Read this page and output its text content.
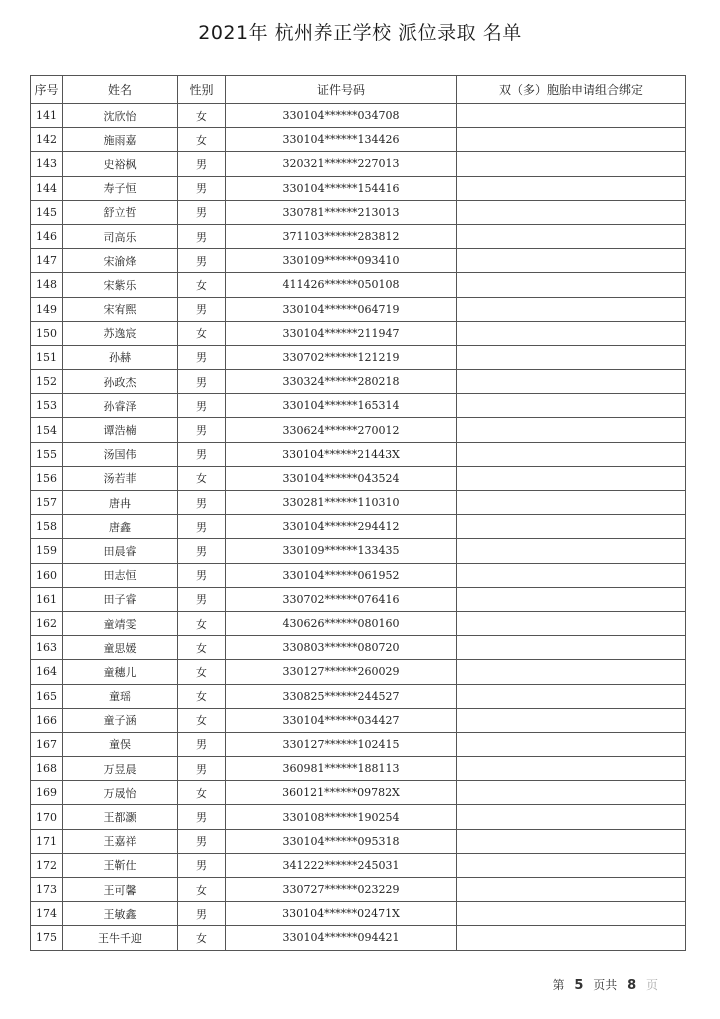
2021年 杭州养正学校 派位录取 名单
序号	姓名	性别	证件号码	双（多）胞胎申请组合绑定
141	沈欣怡	女	330104******034708	
142	施雨嘉	女	330104******134426	
143	史裕枫	男	320321******227013	
144	寿子恒	男	330104******154416	
145	舒立哲	男	330781******213013	
146	司高乐	男	371103******283812	
147	宋渝烽	男	330109******093410	
148	宋紫乐	女	411426******050108	
149	宋宥熙	男	330104******064719	
150	苏逸宸	女	330104******211947	
151	孙赫	男	330702******121219	
152	孙政杰	男	330324******280218	
153	孙睿泽	男	330104******165314	
154	谭浩楠	男	330624******270012	
155	汤国伟	男	330104******21443X	
156	汤若菲	女	330104******043524	
157	唐冉	男	330281******110310	
158	唐鑫	男	330104******294412	
159	田晨睿	男	330109******133435	
160	田志恒	男	330104******061952	
161	田子睿	男	330702******076416	
162	童靖雯	女	430626******080160	
163	童思媛	女	330803******080720	
164	童穗儿	女	330127******260029	
165	童瑶	女	330825******244527	
166	童子涵	女	330104******034427	
167	童俣	男	330127******102415	
168	万昱晨	男	360981******188113	
169	万晟怡	女	360121******09782X	
170	王都灏	男	330108******190254	
171	王嘉祥	男	330104******095318	
172	王靳仕	男	341222******245031	
173	王可馨	女	330727******023229	
174	王敏鑫	男	330104******02471X	
175	王牛千迎	女	330104******094421	
第 5 页共 8 页
